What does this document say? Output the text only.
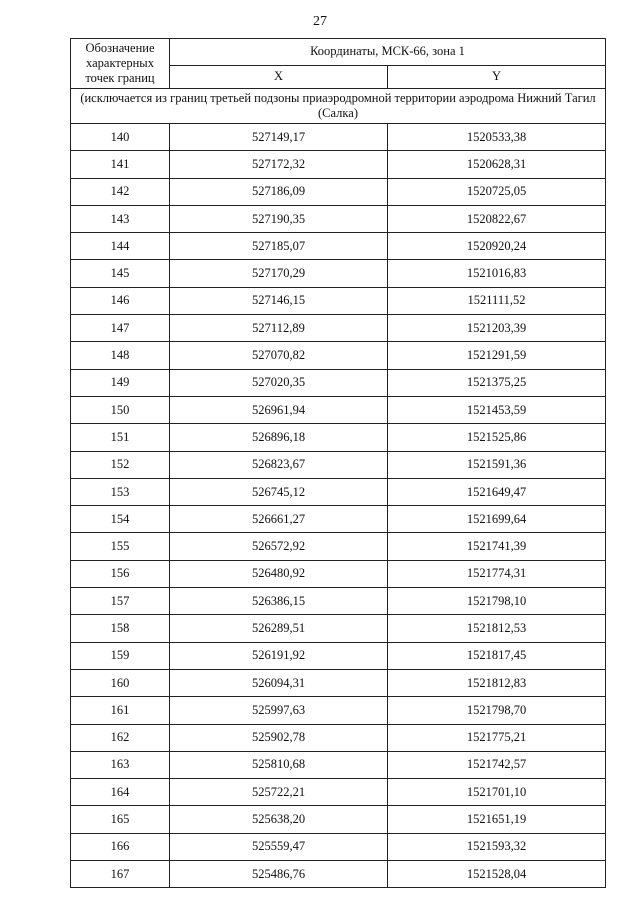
27
Обозначение характерных точек границ	Координаты, МСК-66, зона 1	
	X	Y
(исключается из границ третьей подзоны приаэродромной территории аэродрома Нижний Тагил (Салка)		
140	527149,17	1520533,38
141	527172,32	1520628,31
142	527186,09	1520725,05
143	527190,35	1520822,67
144	527185,07	1520920,24
145	527170,29	1521016,83
146	527146,15	1521111,52
147	527112,89	1521203,39
148	527070,82	1521291,59
149	527020,35	1521375,25
150	526961,94	1521453,59
151	526896,18	1521525,86
152	526823,67	1521591,36
153	526745,12	1521649,47
154	526661,27	1521699,64
155	526572,92	1521741,39
156	526480,92	1521774,31
157	526386,15	1521798,10
158	526289,51	1521812,53
159	526191,92	1521817,45
160	526094,31	1521812,83
161	525997,63	1521798,70
162	525902,78	1521775,21
163	525810,68	1521742,57
164	525722,21	1521701,10
165	525638,20	1521651,19
166	525559,47	1521593,32
167	525486,76	1521528,04
